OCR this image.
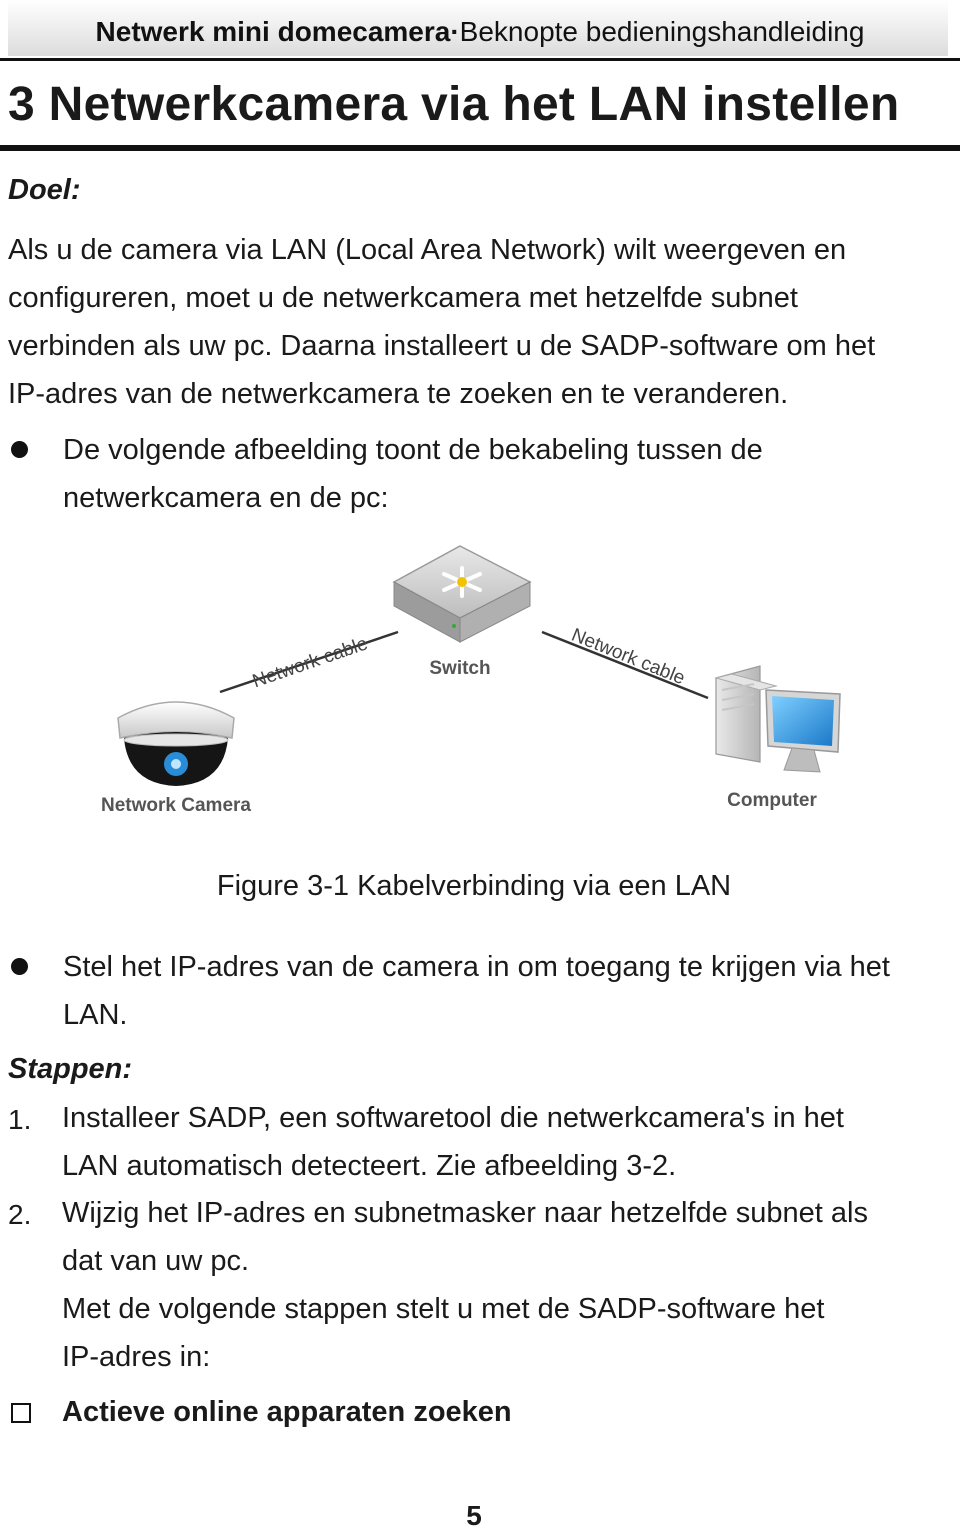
Netwerk mini domecamera·Beknopte bedieningshandleiding
3 Netwerkcamera via het LAN instellen
Doel:
Als u de camera via LAN (Local Area Network) wilt weergeven en
configureren, moet u de netwerkcamera met hetzelfde subnet
verbinden als uw pc. Daarna installeert u de SADP-software om het
IP-adres van de netwerkcamera te zoeken en te veranderen.
De volgende afbeelding toont de bekabeling tussen de
netwerkcamera en de pc:
Switch
Network cable	Network cable
Network Camera	Computer
Figure 3-1 Kabelverbinding via een LAN
Stel het IP-adres van de camera in om toegang te krijgen via het
LAN.
Stappen:
1. Installeer SADP, een softwaretool die netwerkcamera's in het
LAN automatisch detecteert. Zie afbeelding 3-2.
2. Wijzig het IP-adres en subnetmasker naar hetzelfde subnet als
dat van uw pc.
Met de volgende stappen stelt u met de SADP-software het
IP-adres in:
Actieve online apparaten zoeken
5
